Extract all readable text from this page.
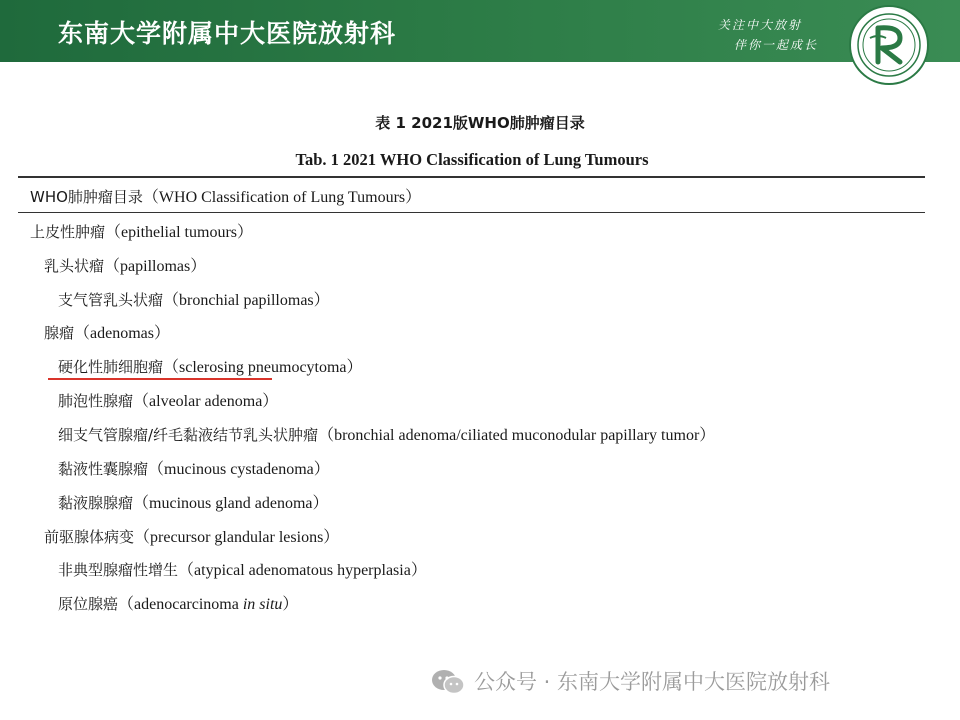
东南大学附属中大医院放射科	关注中大放射
伴你一起成长
表 1 2021版WHO肺肿瘤目录
Tab. 1 2021 WHO Classification of Lung Tumours
WHO肺肿瘤目录（WHO Classification of Lung Tumours）
上皮性肿瘤（epithelial tumours）
乳头状瘤（papillomas）
支气管乳头状瘤（bronchial papillomas）
腺瘤（adenomas）
硬化性肺细胞瘤（sclerosing pneumocytoma）
肺泡性腺瘤（alveolar adenoma）
细支气管腺瘤/纤毛黏液结节乳头状肿瘤（bronchial adenoma/ciliated muconodular papillary tumor）
黏液性囊腺瘤（mucinous cystadenoma）
黏液腺腺瘤（mucinous gland adenoma）
前驱腺体病变（precursor glandular lesions）
非典型腺瘤性增生（atypical adenomatous hyperplasia）
原位腺癌（adenocarcinoma in situ）
公众号 · 东南大学附属中大医院放射科
